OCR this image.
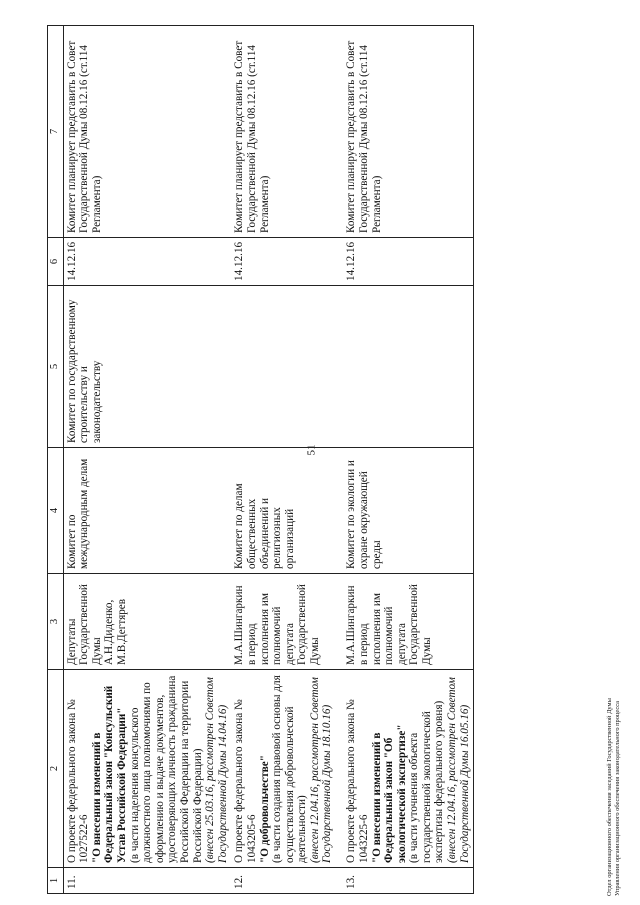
51
1	2	3	4	5	6	7
11.	О проекте федерального закона № 1027522-6 "О внесении изменений в Федеральный закон "Консульский Устав Российской Федерации" (в части наделения консульского должностного лица полномочиями по оформлению и выдаче документов, удостоверяющих личность гражданина Российской Федерации на территории Российской Федерации) (внесен 25.03.16, рассмотрен Советом Государственной Думы 14.04.16)	Депутаты Государственной Думы А.Н.Диденко, М.В.Дегтярев	Комитет по международным делам	Комитет по государственному строительству и законодательству	14.12.16	Комитет планирует представить в Совет Государственной Думы 08.12.16 (ст.114 Регламента)
12.	О проекте федерального закона № 1043205-6 "О добровольчестве" (в части создания правовой основы для осуществления добровольческой деятельности) (внесен 12.04.16, рассмотрен Советом Государственной Думы 18.10.16)	М.А.Шингаркин в период исполнения им полномочий депутата Государственной Думы	Комитет по делам общественных объединений и религиозных организаций		14.12.16	Комитет планирует представить в Совет Государственной Думы 08.12.16 (ст.114 Регламента)
13.	О проекте федерального закона № 1043225-6 "О внесении изменений в Федеральный закон "Об экологической экспертизе" (в части уточнения объекта государственной экологической экспертизы федерального уровня) (внесен 12.04.16, рассмотрен Советом Государственной Думы 16.05.16)	М.А.Шингаркин в период исполнения им полномочий депутата Государственной Думы	Комитет по экологии и охране окружающей среды		14.12.16	Комитет планирует представить в Совет Государственной Думы 08.12.16 (ст.114 Регламента)
Отдел организационного обеспечения заседаний Государственной Думы Управления организационного обеспечения законодательного процесса
